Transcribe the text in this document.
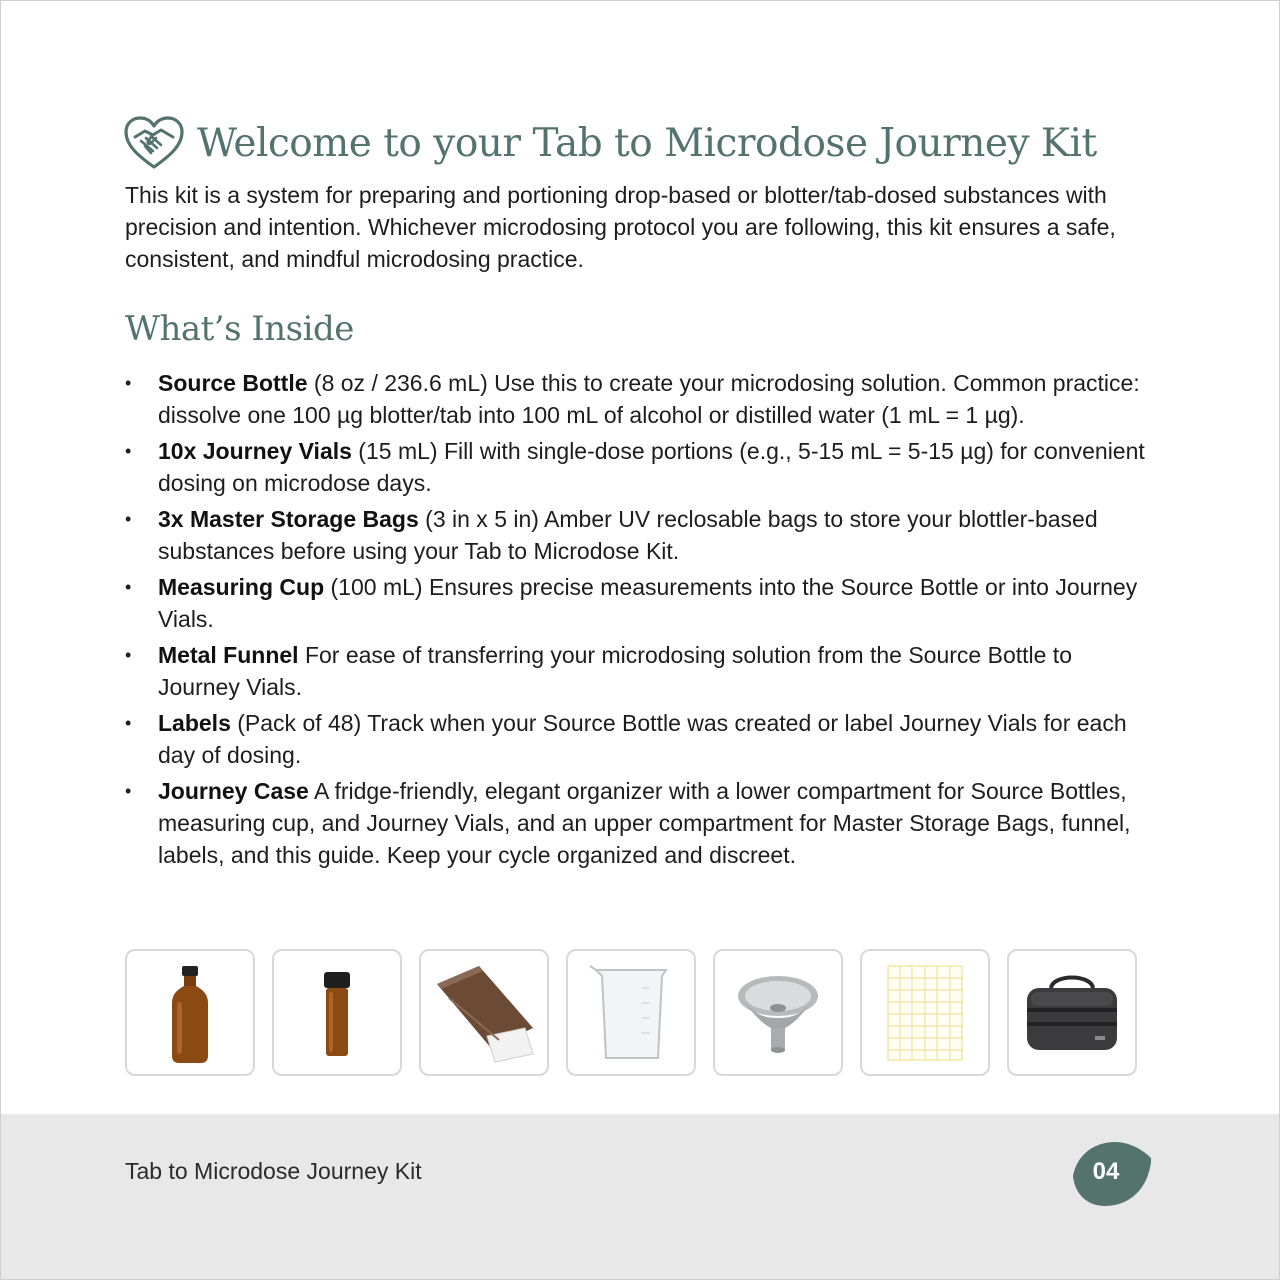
Welcome to your Tab to Microdose Journey Kit

This kit is a system for preparing and portioning drop-based or blotter/tab-dosed substances with precision and intention. Whichever microdosing protocol you are following, this kit ensures a safe, consistent, and mindful microdosing practice.

What’s Inside
• Source Bottle (8 oz / 236.6 mL) Use this to create your microdosing solution. Common practice: dissolve one 100 µg blotter/tab into 100 mL of alcohol or distilled water (1 mL = 1 µg).
• 10x Journey Vials (15 mL) Fill with single-dose portions (e.g., 5-15 mL = 5-15 µg) for convenient dosing on microdose days.
• 3x Master Storage Bags (3 in x 5 in) Amber UV reclosable bags to store your blottler-based substances before using your Tab to Microdose Kit.
• Measuring Cup (100 mL) Ensures precise measurements into the Source Bottle or into Journey Vials.
• Metal Funnel For ease of transferring your microdosing solution from the Source Bottle to Journey Vials.
• Labels (Pack of 48) Track when your Source Bottle was created or label Journey Vials for each day of dosing.
• Journey Case A fridge-friendly, elegant organizer with a lower compartment for Source Bottles, measuring cup, and Journey Vials, and an upper compartment for Master Storage Bags, funnel, labels, and this guide. Keep your cycle organized and discreet.

Tab to Microdose Journey Kit	04
